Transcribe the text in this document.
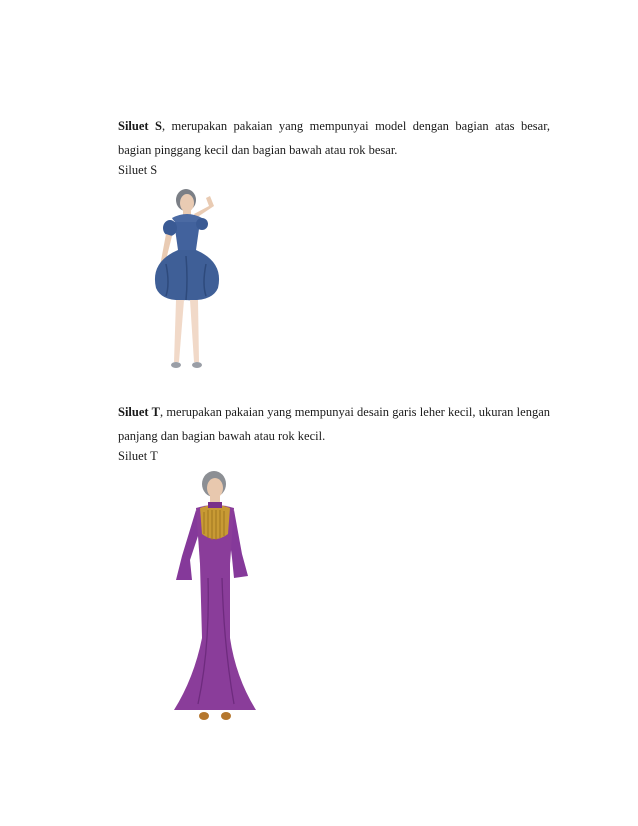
Siluet S, merupakan pakaian yang mempunyai model dengan bagian atas besar,
bagian pinggang kecil dan bagian bawah atau rok besar.
Siluet S
Siluet T, merupakan pakaian yang mempunyai desain garis leher kecil, ukuran lengan
panjang dan bagian bawah atau rok kecil.
Siluet T
